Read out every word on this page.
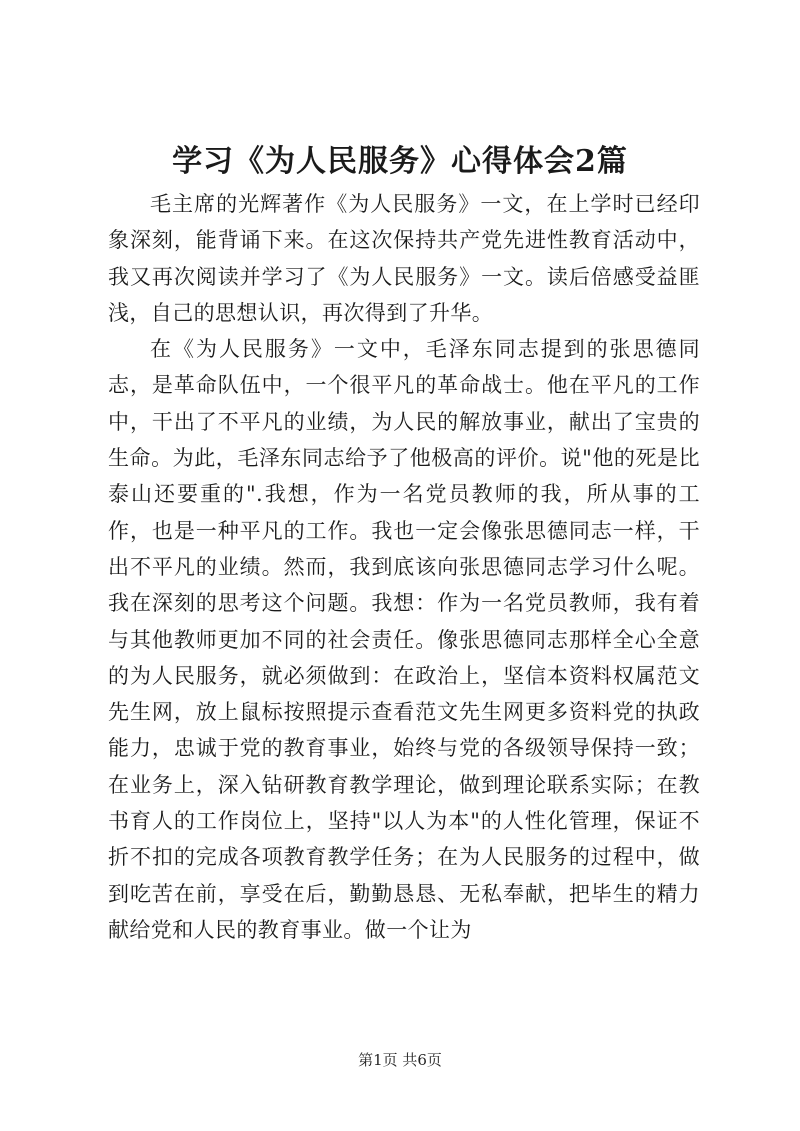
学习《为人民服务》心得体会2篇

毛主席的光辉著作《为人民服务》一文，在上学时已经印象深刻，能背诵下来。在这次保持共产党先进性教育活动中，我又再次阅读并学习了《为人民服务》一文。读后倍感受益匪浅，自己的思想认识，再次得到了升华。

在《为人民服务》一文中，毛泽东同志提到的张思德同志，是革命队伍中，一个很平凡的革命战士。他在平凡的工作中，干出了不平凡的业绩，为人民的解放事业，献出了宝贵的生命。为此，毛泽东同志给予了他极高的评价。说"他的死是比泰山还要重的".我想，作为一名党员教师的我，所从事的工作，也是一种平凡的工作。我也一定会像张思德同志一样，干出不平凡的业绩。然而，我到底该向张思德同志学习什么呢。我在深刻的思考这个问题。我想：作为一名党员教师，我有着与其他教师更加不同的社会责任。像张思德同志那样全心全意的为人民服务，就必须做到：在政治上，坚信本资料权属范文先生网，放上鼠标按照提示查看范文先生网更多资料党的执政能力，忠诚于党的教育事业，始终与党的各级领导保持一致；在业务上，深入钻研教育教学理论，做到理论联系实际；在教书育人的工作岗位上，坚持"以人为本"的人性化管理，保证不折不扣的完成各项教育教学任务；在为人民服务的过程中，做到吃苦在前，享受在后，勤勤恳恳、无私奉献，把毕生的精力献给党和人民的教育事业。做一个让为

第1页 共6页
